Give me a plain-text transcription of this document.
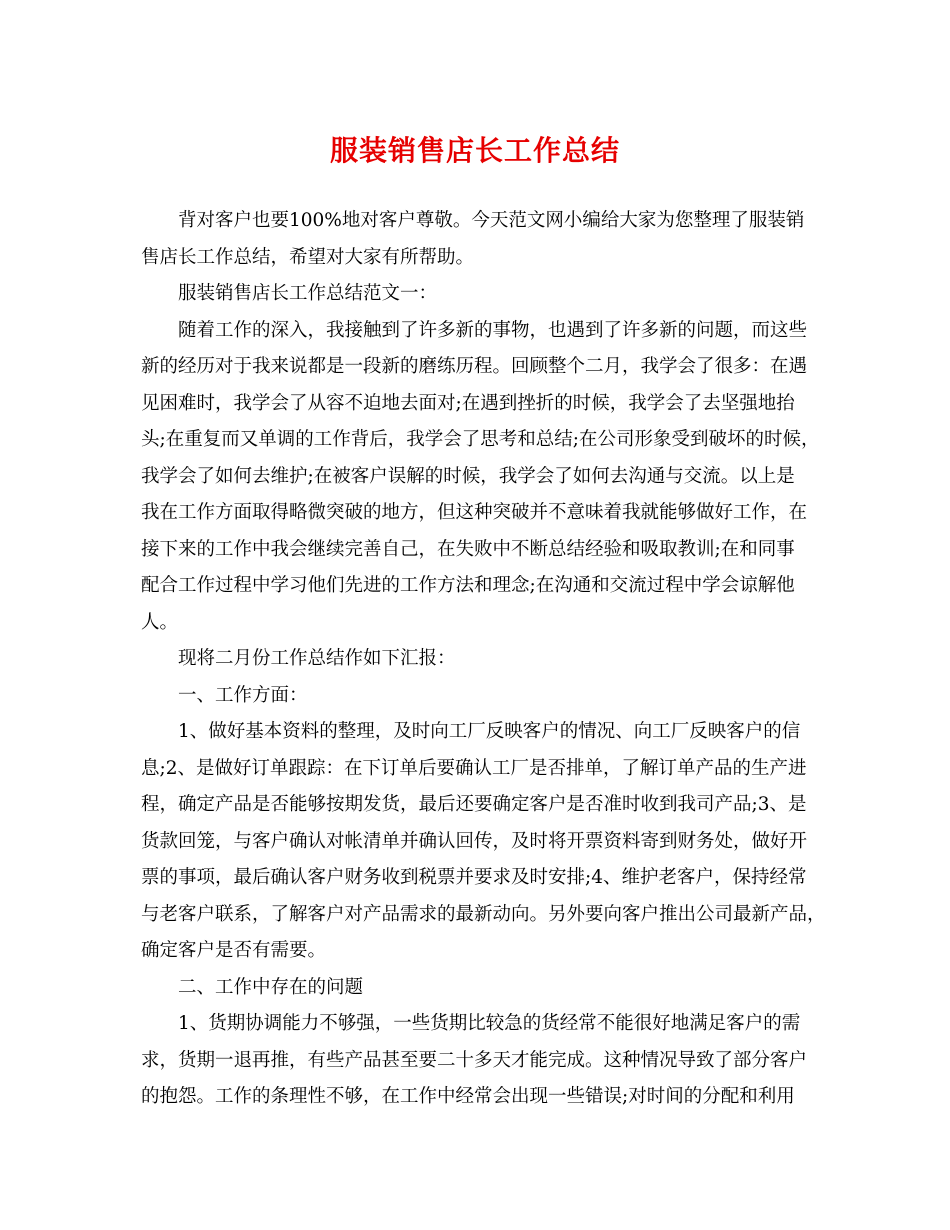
服装销售店长工作总结
背对客户也要100%地对客户尊敬。今天范文网小编给大家为您整理了服装销
售店长工作总结，希望对大家有所帮助。
服装销售店长工作总结范文一：
随着工作的深入，我接触到了许多新的事物，也遇到了许多新的问题，而这些
新的经历对于我来说都是一段新的磨练历程。回顾整个二月，我学会了很多：在遇
见困难时，我学会了从容不迫地去面对;在遇到挫折的时候，我学会了去坚强地抬
头;在重复而又单调的工作背后，我学会了思考和总结;在公司形象受到破坏的时候，
我学会了如何去维护;在被客户误解的时候，我学会了如何去沟通与交流。以上是
我在工作方面取得略微突破的地方，但这种突破并不意味着我就能够做好工作，在
接下来的工作中我会继续完善自己，在失败中不断总结经验和吸取教训;在和同事
配合工作过程中学习他们先进的工作方法和理念;在沟通和交流过程中学会谅解他
人。
现将二月份工作总结作如下汇报：
一、工作方面：
1、做好基本资料的整理，及时向工厂反映客户的情况、向工厂反映客户的信
息;2、是做好订单跟踪：在下订单后要确认工厂是否排单，了解订单产品的生产进
程，确定产品是否能够按期发货，最后还要确定客户是否准时收到我司产品;3、是
货款回笼，与客户确认对帐清单并确认回传，及时将开票资料寄到财务处，做好开
票的事项，最后确认客户财务收到税票并要求及时安排;4、维护老客户，保持经常
与老客户联系，了解客户对产品需求的最新动向。另外要向客户推出公司最新产品，
确定客户是否有需要。
二、工作中存在的问题
1、货期协调能力不够强，一些货期比较急的货经常不能很好地满足客户的需
求，货期一退再推，有些产品甚至要二十多天才能完成。这种情况导致了部分客户
的抱怨。工作的条理性不够，在工作中经常会出现一些错误;对时间的分配和利用
